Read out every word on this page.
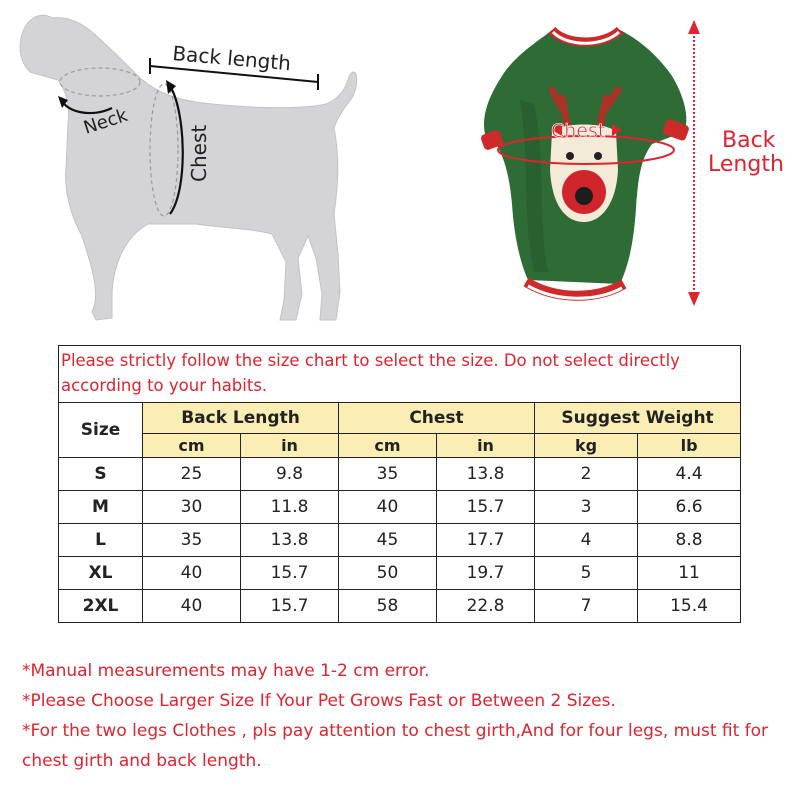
Neck
Back length
Chest	Chest	Back
Length
Please strictly follow the size chart to select the size. Do not select directly according to your habits.						
Size	Back Length		Chest		Suggest Weight	
	cm	in	cm	in	kg	lb
S	25	9.8	35	13.8	2	4.4
M	30	11.8	40	15.7	3	6.6
L	35	13.8	45	17.7	4	8.8
XL	40	15.7	50	19.7	5	11
2XL	40	15.7	58	22.8	7	15.4
*Manual measurements may have 1-2 cm error.
*Please Choose Larger Size If Your Pet Grows Fast or Between 2 Sizes.
*For the two legs Clothes , pls pay attention to chest girth,And for four legs, must fit for chest girth and back length.
